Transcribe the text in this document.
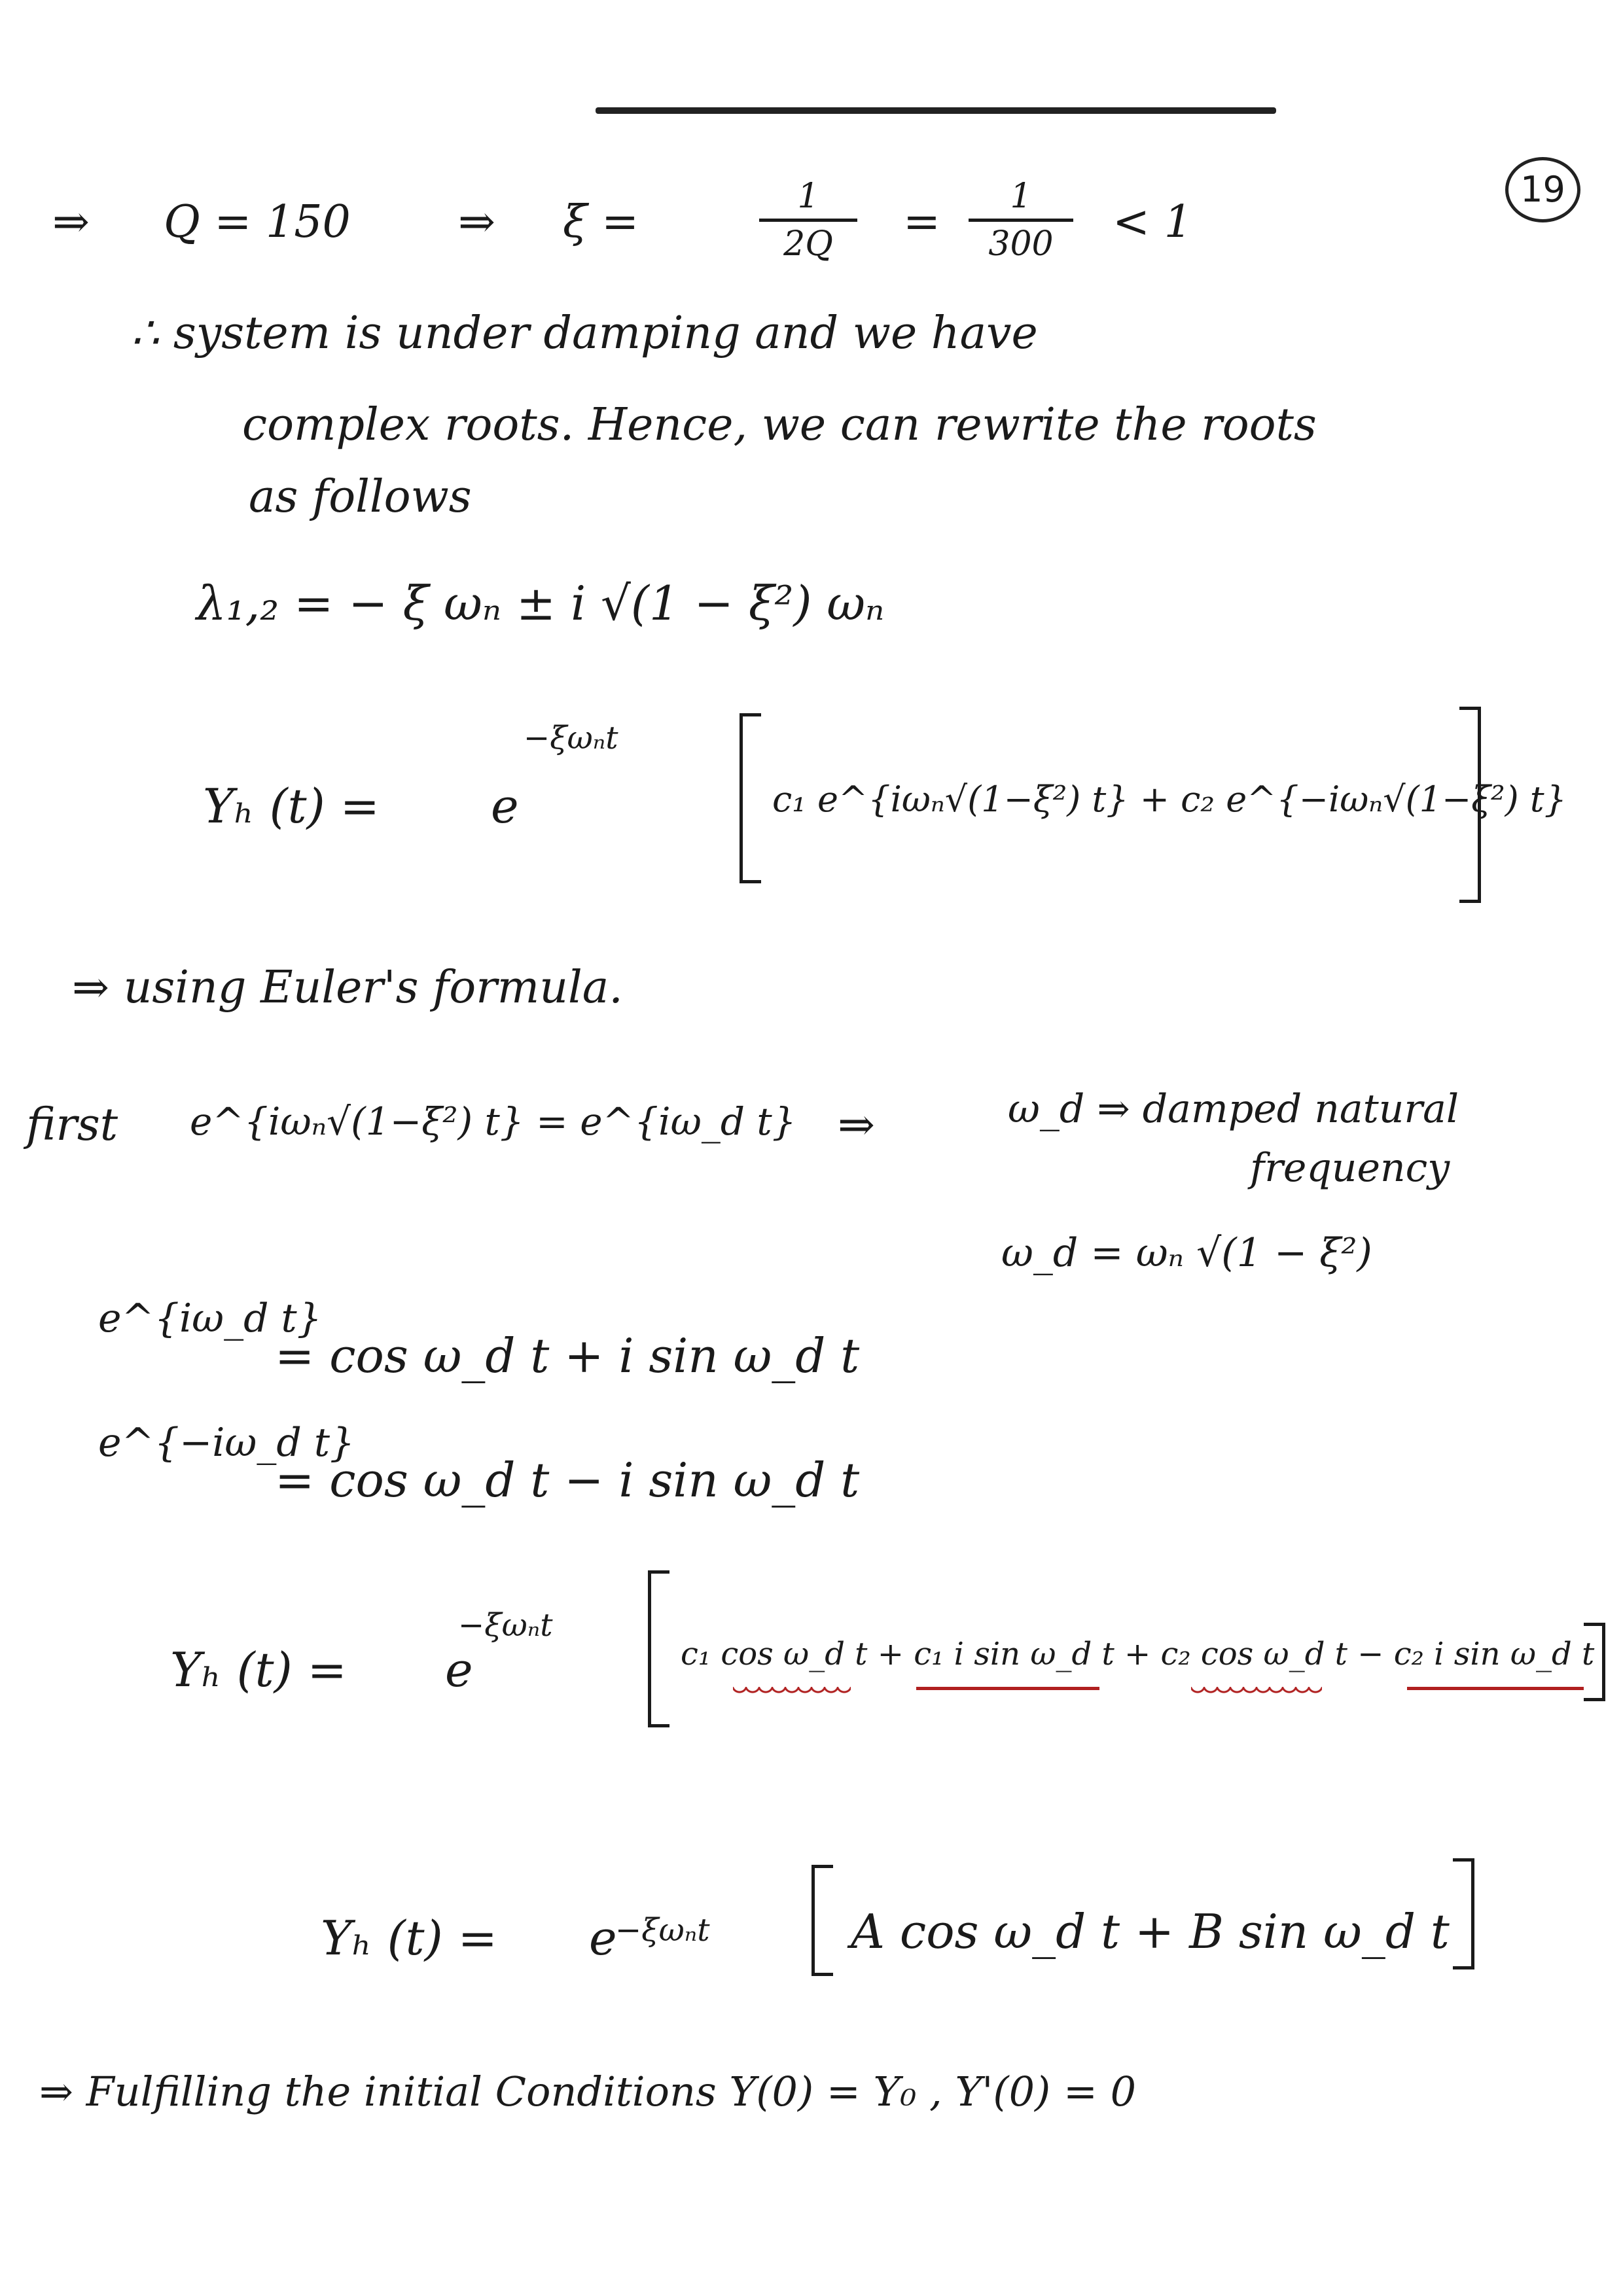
19
⇒ Q = 150 ⇒ ξ =	1
2Q	=	1
300	< 1
∴ system is under damping and we have
complex roots. Hence, we can rewrite the roots
as follows
λ₁,₂ = − ξ ωₙ ± i √(1 − ξ²) ωₙ
Yₕ (t) = e
−ξωₙt
c₁ e^{iωₙ√(1−ξ²) t} + c₂ e^{−iωₙ√(1−ξ²) t}
⇒ using Euler's formula.
first e^{iωₙ√(1−ξ²) t} = e^{iω_d t} ⇒	ω_d ⇒ damped natural
frequency
ω_d = ωₙ √(1 − ξ²)
e^{iω_d t}
= cos ω_d t + i sin ω_d t
e^{−iω_d t}
= cos ω_d t − i sin ω_d t
Yₕ (t) = e
−ξωₙt
c₁ cos ω_d t + c₁ i sin ω_d t + c₂ cos ω_d t − c₂ i sin ω_d t
Yₕ (t) = e
−ξωₙt	A cos ω_d t + B sin ω_d t
⇒ Fulfilling the initial Conditions Y(0) = Y₀ , Y'(0) = 0
